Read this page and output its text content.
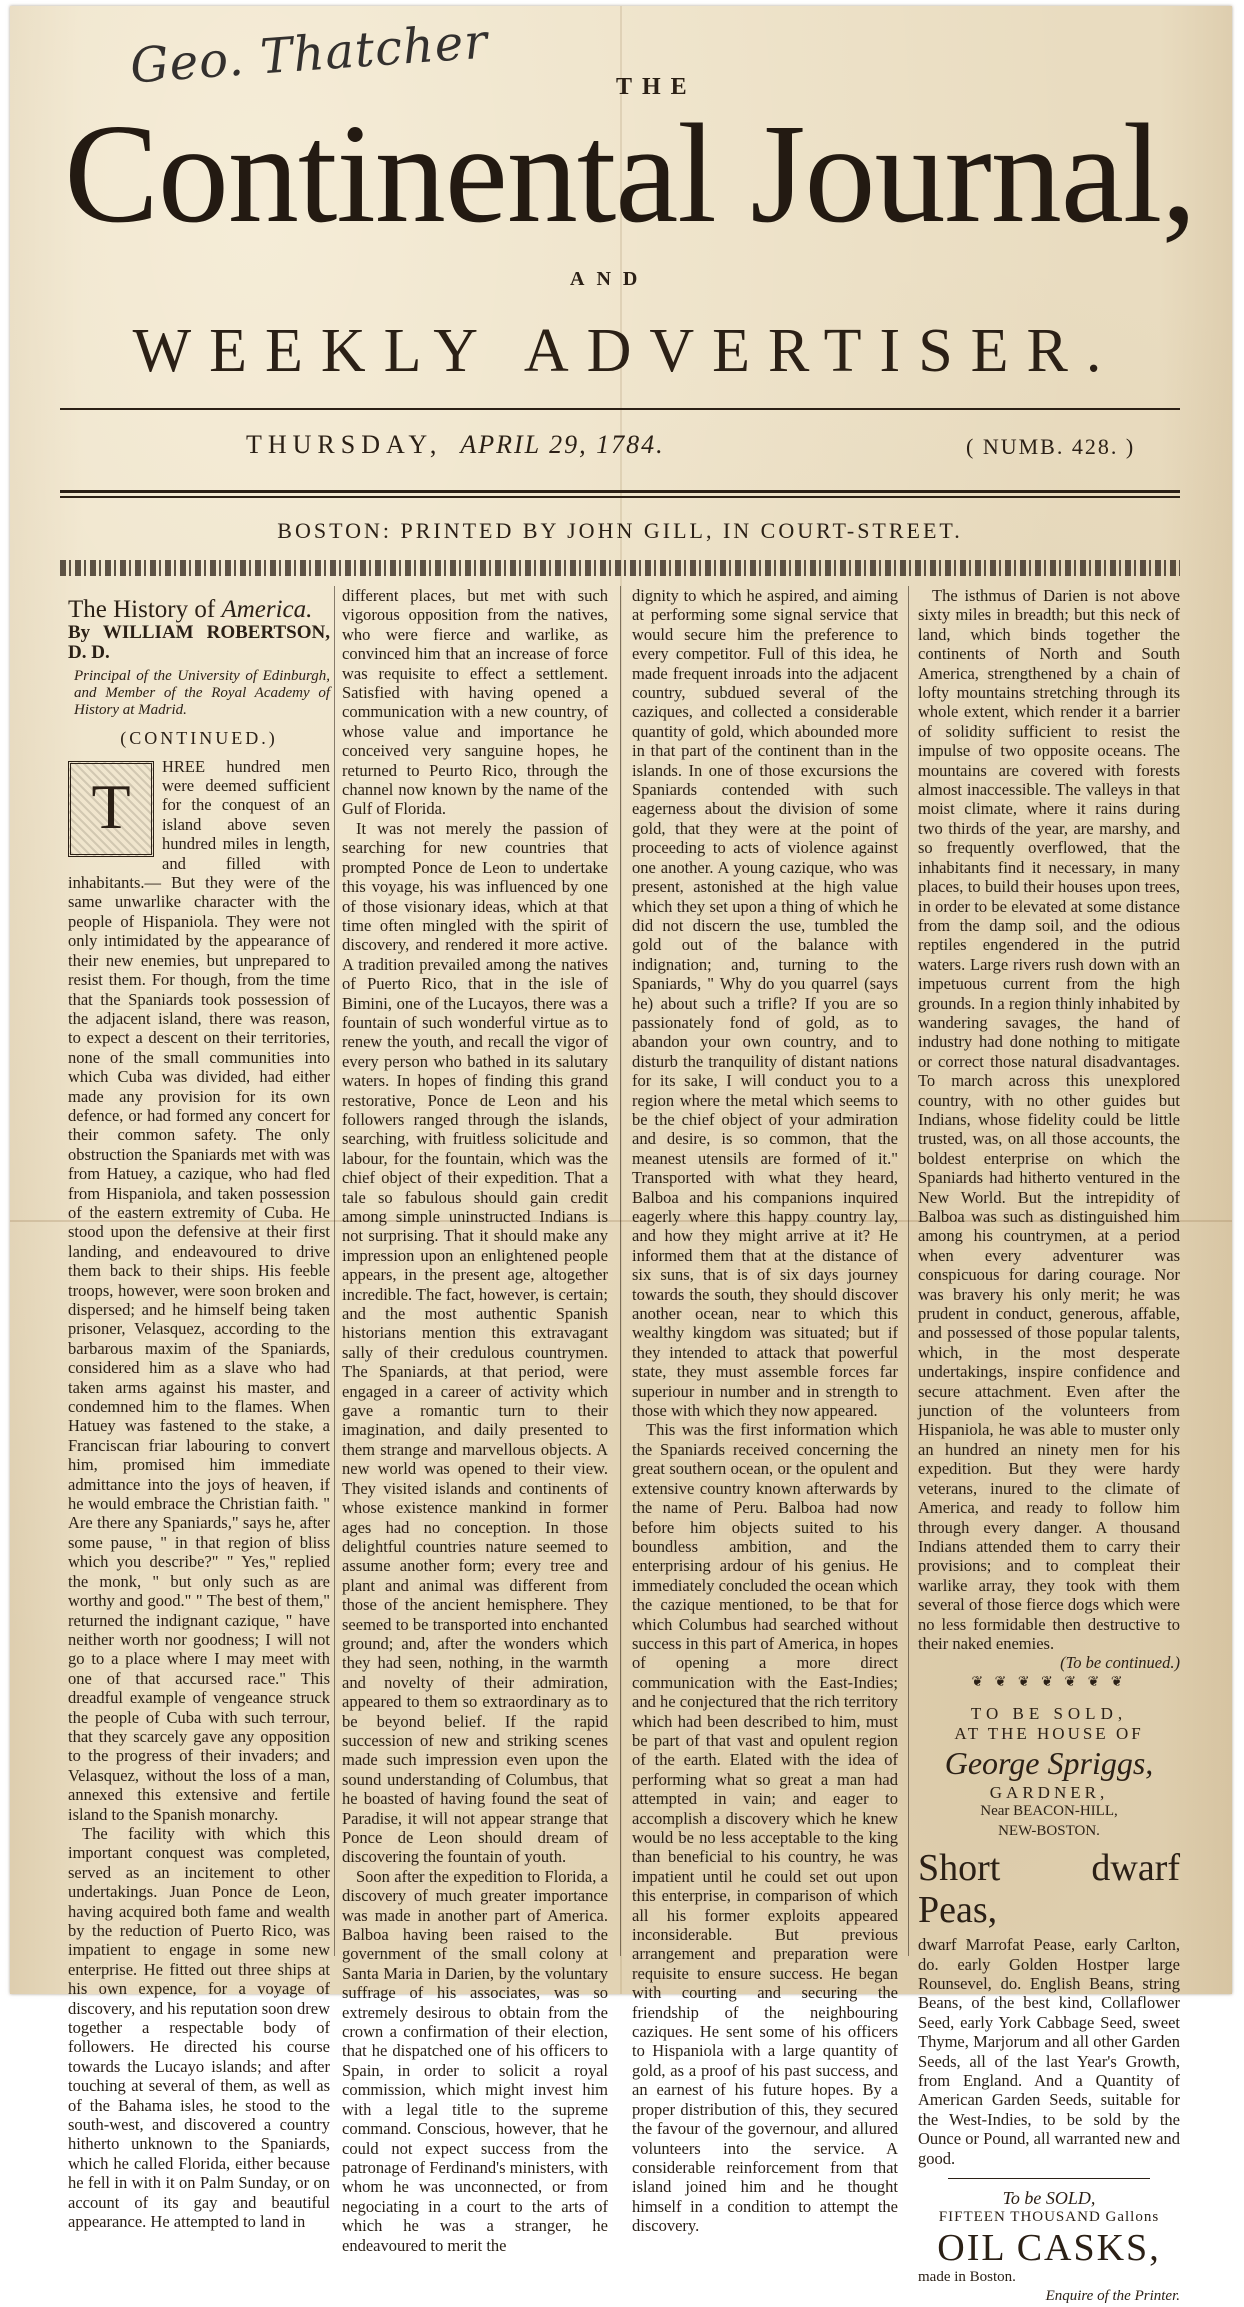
Geo. Thatcher	THE
Continental Journal,
AND
WEEKLY ADVERTISER.
THURSDAY, APRIL 29, 1784.	( NUMB. 428. )
BOSTON: PRINTED BY JOHN GILL, IN COURT-STREET.
The History of America.
By WILLIAM ROBERTSON, D. D.
Principal of the University of Edinburgh, and Member of the Royal Academy of History at Madrid.
(CONTINUED.)
T

HREE hundred men were deemed sufficient for the conquest of an island above seven hundred miles in length, and filled with inhabitants.— But they were of the same unwarlike character with the people of Hispaniola. They were not only intimidated by the appearance of their new enemies, but unprepared to resist them. For though, from the time that the Spaniards took possession of the adjacent island, there was reason, to expect a descent on their territories, none of the small communities into which Cuba was divided, had either made any provision for its own defence, or had formed any concert for their common safety. The only obstruction the Spaniards met with was from Hatuey, a cazique, who had fled from Hispaniola, and taken possession of the eastern extremity of Cuba. He stood upon the defensive at their first landing, and endeavoured to drive them back to their ships. His feeble troops, however, were soon broken and dispersed; and he himself being taken prisoner, Velasquez, according to the barbarous maxim of the Spaniards, considered him as a slave who had taken arms against his master, and condemned him to the flames. When Hatuey was fastened to the stake, a Franciscan friar labouring to convert him, promised him immediate admittance into the joys of heaven, if he would embrace the Christian faith. " Are there any Spaniards," says he, after some pause, " in that region of bliss which you describe?" " Yes," replied the monk, " but only such as are worthy and good." " The best of them," returned the indignant cazique, " have neither worth nor goodness; I will not go to a place where I may meet with one of that accursed race." This dreadful example of vengeance struck the people of Cuba with such terrour, that they scarcely gave any opposition to the progress of their invaders; and Velasquez, without the loss of a man, annexed this extensive and fertile island to the Spanish monarchy.

The facility with which this important conquest was completed, served as an incitement to other undertakings. Juan Ponce de Leon, having acquired both fame and wealth by the reduction of Puerto Rico, was impatient to engage in some new enterprise. He fitted out three ships at his own expence, for a voyage of discovery, and his reputation soon drew together a respectable body of followers. He directed his course towards the Lucayo islands; and after touching at several of them, as well as of the Bahama isles, he stood to the south-west, and discovered a country hitherto unknown to the Spaniards, which he called Florida, either because he fell in with it on Palm Sunday, or on account of its gay and beautiful appearance. He attempted to land in

different places, but met with such vigorous opposition from the natives, who were fierce and warlike, as convinced him that an increase of force was requisite to effect a settlement. Satisfied with having opened a communication with a new country, of whose value and importance he conceived very sanguine hopes, he returned to Peurto Rico, through the channel now known by the name of the Gulf of Florida.

It was not merely the passion of searching for new countries that prompted Ponce de Leon to undertake this voyage, his was influenced by one of those visionary ideas, which at that time often mingled with the spirit of discovery, and rendered it more active. A tradition prevailed among the natives of Puerto Rico, that in the isle of Bimini, one of the Lucayos, there was a fountain of such wonderful virtue as to renew the youth, and recall the vigor of every person who bathed in its salutary waters. In hopes of finding this grand restorative, Ponce de Leon and his followers ranged through the islands, searching, with fruitless solicitude and labour, for the fountain, which was the chief object of their expedition. That a tale so fabulous should gain credit among simple uninstructed Indians is not surprising. That it should make any impression upon an enlightened people appears, in the present age, altogether incredible. The fact, however, is certain; and the most authentic Spanish historians mention this extravagant sally of their credulous countrymen. The Spaniards, at that period, were engaged in a career of activity which gave a romantic turn to their imagination, and daily presented to them strange and marvellous objects. A new world was opened to their view. They visited islands and continents of whose existence mankind in former ages had no conception. In those delightful countries nature seemed to assume another form; every tree and plant and animal was different from those of the ancient hemisphere. They seemed to be transported into enchanted ground; and, after the wonders which they had seen, nothing, in the warmth and novelty of their admiration, appeared to them so extraordinary as to be beyond belief. If the rapid succession of new and striking scenes made such impression even upon the sound understanding of Columbus, that he boasted of having found the seat of Paradise, it will not appear strange that Ponce de Leon should dream of discovering the fountain of youth.

Soon after the expedition to Florida, a discovery of much greater importance was made in another part of America. Balboa having been raised to the government of the small colony at Santa Maria in Darien, by the voluntary suffrage of his associates, was so extremely desirous to obtain from the crown a confirmation of their election, that he dispatched one of his officers to Spain, in order to solicit a royal commission, which might invest him with a legal title to the supreme command. Conscious, however, that he could not expect success from the patronage of Ferdinand's ministers, with whom he was unconnected, or from negociating in a court to the arts of which he was a stranger, he endeavoured to merit the

dignity to which he aspired, and aiming at performing some signal service that would secure him the preference to every competitor. Full of this idea, he made frequent inroads into the adjacent country, subdued several of the caziques, and collected a considerable quantity of gold, which abounded more in that part of the continent than in the islands. In one of those excursions the Spaniards contended with such eagerness about the division of some gold, that they were at the point of proceeding to acts of violence against one another. A young cazique, who was present, astonished at the high value which they set upon a thing of which he did not discern the use, tumbled the gold out of the balance with indignation; and, turning to the Spaniards, " Why do you quarrel (says he) about such a trifle? If you are so passionately fond of gold, as to abandon your own country, and to disturb the tranquility of distant nations for its sake, I will conduct you to a region where the metal which seems to be the chief object of your admiration and desire, is so common, that the meanest utensils are formed of it." Transported with what they heard, Balboa and his companions inquired eagerly where this happy country lay, and how they might arrive at it? He informed them that at the distance of six suns, that is of six days journey towards the south, they should discover another ocean, near to which this wealthy kingdom was situated; but if they intended to attack that powerful state, they must assemble forces far superiour in number and in strength to those with which they now appeared.

This was the first information which the Spaniards received concerning the great southern ocean, or the opulent and extensive country known afterwards by the name of Peru. Balboa had now before him objects suited to his boundless ambition, and the enterprising ardour of his genius. He immediately concluded the ocean which the cazique mentioned, to be that for which Columbus had searched without success in this part of America, in hopes of opening a more direct communication with the East-Indies; and he conjectured that the rich territory which had been described to him, must be part of that vast and opulent region of the earth. Elated with the idea of performing what so great a man had attempted in vain; and eager to accomplish a discovery which he knew would be no less acceptable to the king than beneficial to his country, he was impatient until he could set out upon this enterprise, in comparison of which all his former exploits appeared inconsiderable. But previous arrangement and preparation were requisite to ensure success. He began with courting and securing the friendship of the neighbouring caziques. He sent some of his officers to Hispaniola with a large quantity of gold, as a proof of his past success, and an earnest of his future hopes. By a proper distribution of this, they secured the favour of the governour, and allured volunteers into the service. A considerable reinforcement from that island joined him and he thought himself in a condition to attempt the discovery.

The isthmus of Darien is not above sixty miles in breadth; but this neck of land, which binds together the continents of North and South America, strengthened by a chain of lofty mountains stretching through its whole extent, which render it a barrier of solidity sufficient to resist the impulse of two opposite oceans. The mountains are covered with forests almost inaccessible. The valleys in that moist climate, where it rains during two thirds of the year, are marshy, and so frequently overflowed, that the inhabitants find it necessary, in many places, to build their houses upon trees, in order to be elevated at some distance from the damp soil, and the odious reptiles engendered in the putrid waters. Large rivers rush down with an impetuous current from the high grounds. In a region thinly inhabited by wandering savages, the hand of industry had done nothing to mitigate or correct those natural disadvantages. To march across this unexplored country, with no other guides but Indians, whose fidelity could be little trusted, was, on all those accounts, the boldest enterprise on which the Spaniards had hitherto ventured in the New World. But the intrepidity of Balboa was such as distinguished him among his countrymen, at a period when every adventurer was conspicuous for daring courage. Nor was bravery his only merit; he was prudent in conduct, generous, affable, and possessed of those popular talents, which, in the most desperate undertakings, inspire confidence and secure attachment. Even after the junction of the volunteers from Hispaniola, he was able to muster only an hundred an ninety men for his expedition. But they were hardy veterans, inured to the climate of America, and ready to follow him through every danger. A thousand Indians attended them to carry their provisions; and to compleat their warlike array, they took with them several of those fierce dogs which were no less formidable then destructive to their naked enemies.

(To be continued.)
❦ ❦ ❦ ❦ ❦ ❦ ❦
TO BE SOLD,
AT THE HOUSE OF
George Spriggs,
GARDNER,
Near BEACON-HILL,
NEW-BOSTON.
Short dwarf Peas,

dwarf Marrofat Pease, early Carlton, do. early Golden Hostper large Rounsevel, do. English Beans, string Beans, of the best kind, Collaflower Seed, early York Cabbage Seed, sweet Thyme, Marjorum and all other Garden Seeds, all of the last Year's Growth, from England. And a Quantity of American Garden Seeds, suitable for the West-Indies, to be sold by the Ounce or Pound, all warranted new and good.

To be SOLD,
FIFTEEN THOUSAND Gallons
OIL CASKS,
made in Boston.
Enquire of the Printer.
